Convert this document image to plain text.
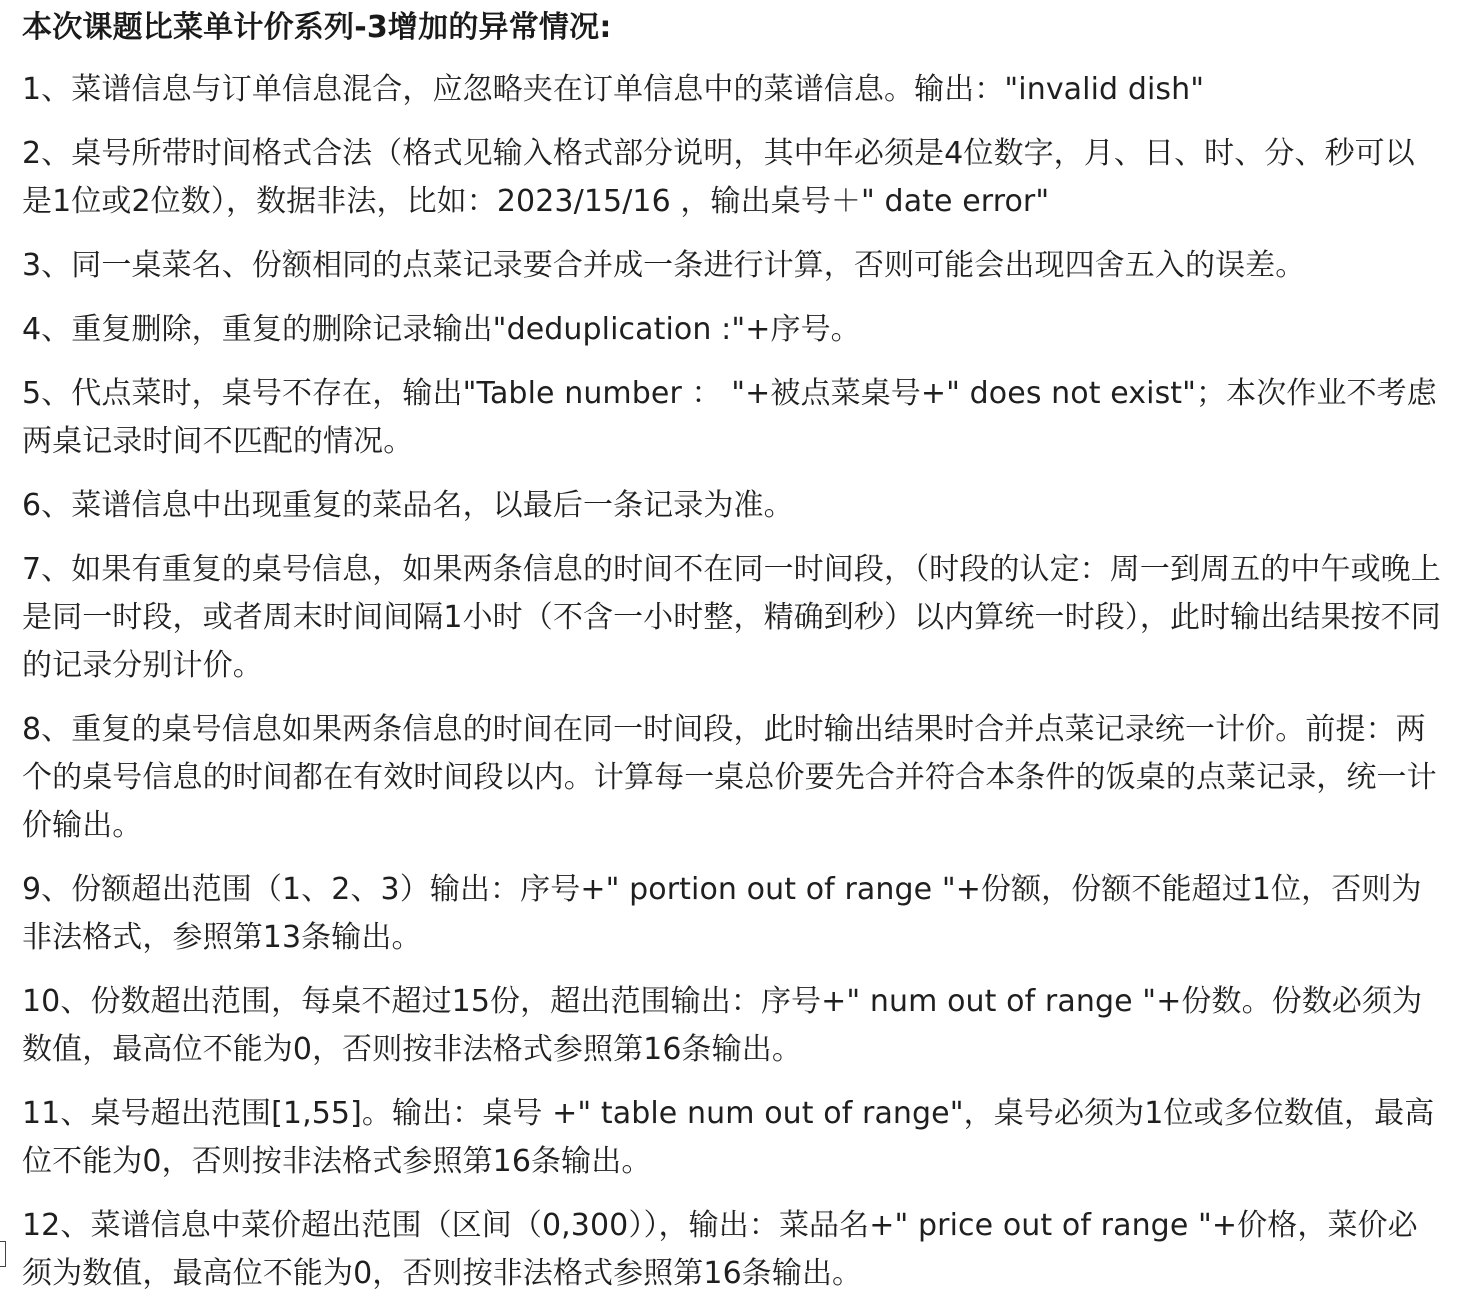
本次课题比菜单计价系列-3增加的异常情况:
1、菜谱信息与订单信息混合，应忽略夹在订单信息中的菜谱信息。输出："invalid dish"
2、桌号所带时间格式合法（格式见输入格式部分说明，其中年必须是4位数字，月、日、时、分、秒可以是1位或2位数），数据非法，比如：2023/15/16 ，输出桌号＋" date error"
3、同一桌菜名、份额相同的点菜记录要合并成一条进行计算，否则可能会出现四舍五入的误差。
4、重复删除，重复的删除记录输出"deduplication :"+序号。
5、代点菜时，桌号不存在，输出"Table number ： "+被点菜桌号+" does not exist"；本次作业不考虑两桌记录时间不匹配的情况。
6、菜谱信息中出现重复的菜品名，以最后一条记录为准。
7、如果有重复的桌号信息，如果两条信息的时间不在同一时间段，（时段的认定：周一到周五的中午或晚上是同一时段，或者周末时间间隔1小时（不含一小时整，精确到秒）以内算统一时段），此时输出结果按不同的记录分别计价。
8、重复的桌号信息如果两条信息的时间在同一时间段，此时输出结果时合并点菜记录统一计价。前提：两个的桌号信息的时间都在有效时间段以内。计算每一桌总价要先合并符合本条件的饭桌的点菜记录，统一计价输出。
9、份额超出范围（1、2、3）输出：序号+" portion out of range "+份额，份额不能超过1位，否则为非法格式，参照第13条输出。
10、份数超出范围，每桌不超过15份，超出范围输出：序号+" num out of range "+份数。份数必须为数值，最高位不能为0，否则按非法格式参照第16条输出。
11、桌号超出范围[1,55]。输出：桌号 +" table num out of range"，桌号必须为1位或多位数值，最高位不能为0，否则按非法格式参照第16条输出。
12、菜谱信息中菜价超出范围（区间（0,300）），输出：菜品名+" price out of range "+价格，菜价必须为数值，最高位不能为0，否则按非法格式参照第16条输出。
